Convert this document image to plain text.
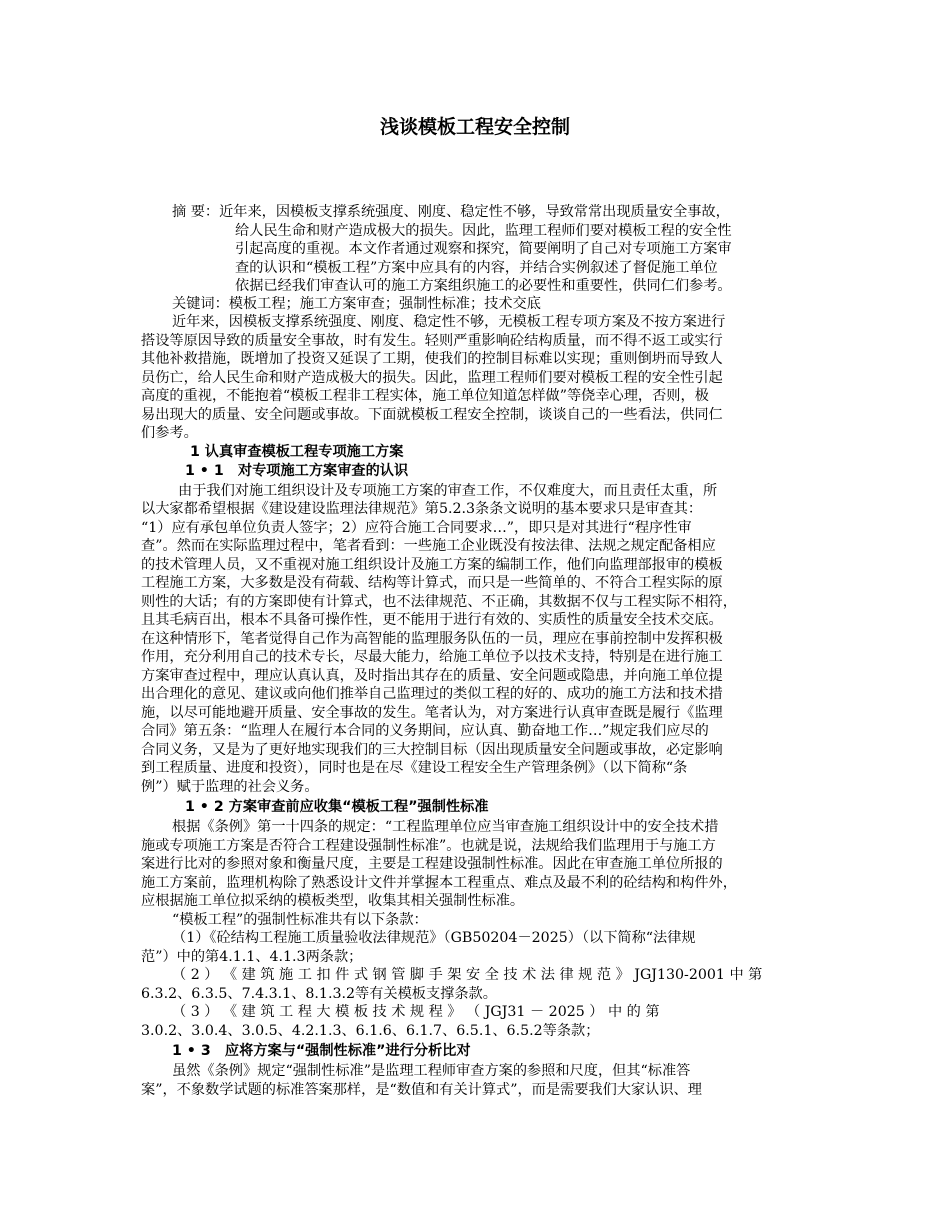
浅谈模板工程安全控制
摘 要：近年来，因模板支撑系统强度、刚度、稳定性不够，导致常常出现质量安全事故，
给人民生命和财产造成极大的损失。因此，监理工程师们要对模板工程的安全性
引起高度的重视。本文作者通过观察和探究，简要阐明了自己对专项施工方案审
查的认识和“模板工程”方案中应具有的内容，并结合实例叙述了督促施工单位
依据已经我们审查认可的施工方案组织施工的必要性和重要性，供同仁们参考。
关键词：模板工程；施工方案审查；强制性标准；技术交底
近年来，因模板支撑系统强度、刚度、稳定性不够，无模板工程专项方案及不按方案进行
搭设等原因导致的质量安全事故，时有发生。轻则严重影响砼结构质量，而不得不返工或实行
其他补救措施，既增加了投资又延误了工期，使我们的控制目标难以实现；重则倒坍而导致人
员伤亡，给人民生命和财产造成极大的损失。因此，监理工程师们要对模板工程的安全性引起
高度的重视，不能抱着“模板工程非工程实体，施工单位知道怎样做”等侥幸心理，否则，极
易出现大的质量、安全问题或事故。下面就模板工程安全控制，谈谈自己的一些看法，供同仁
们参考。
1 认真审查模板工程专项施工方案
1 • 1　对专项施工方案审查的认识
由于我们对施工组织设计及专项施工方案的审查工作，不仅难度大，而且责任太重，所
以大家都希望根据《建设建设监理法律规范》第5.2.3条条文说明的基本要求只是审查其：
“1）应有承包单位负责人签字；2）应符合施工合同要求…”，即只是对其进行“程序性审
查”。然而在实际监理过程中，笔者看到：一些施工企业既没有按法律、法规之规定配备相应
的技术管理人员，又不重视对施工组织设计及施工方案的编制工作，他们向监理部报审的模板
工程施工方案，大多数是没有荷载、结构等计算式，而只是一些简单的、不符合工程实际的原
则性的大话；有的方案即使有计算式，也不法律规范、不正确，其数据不仅与工程实际不相符，
且其毛病百出，根本不具备可操作性，更不能用于进行有效的、实质性的质量安全技术交底。
在这种情形下，笔者觉得自己作为高智能的监理服务队伍的一员，理应在事前控制中发挥积极
作用，充分利用自己的技术专长，尽最大能力，给施工单位予以技术支持，特别是在进行施工
方案审查过程中，理应认真认真，及时指出其存在的质量、安全问题或隐患，并向施工单位提
出合理化的意见、建议或向他们推举自己监理过的类似工程的好的、成功的施工方法和技术措
施，以尽可能地避开质量、安全事故的发生。笔者认为，对方案进行认真审查既是履行《监理
合同》第五条：“监理人在履行本合同的义务期间，应认真、勤奋地工作…”规定我们应尽的
合同义务，又是为了更好地实现我们的三大控制目标（因出现质量安全问题或事故，必定影响
到工程质量、进度和投资），同时也是在尽《建设工程安全生产管理条例》（以下简称“条
例”）赋于监理的社会义务。
1 • 2 方案审查前应收集“模板工程”强制性标准
根据《条例》第一十四条的规定：“工程监理单位应当审查施工组织设计中的安全技术措
施或专项施工方案是否符合工程建设强制性标准”。也就是说，法规给我们监理用于与施工方
案进行比对的参照对象和衡量尺度，主要是工程建设强制性标准。因此在审查施工单位所报的
施工方案前，监理机构除了熟悉设计文件并掌握本工程重点、难点及最不利的砼结构和构件外，
应根据施工单位拟采纳的模板类型，收集其相关强制性标准。
“模板工程”的强制性标准共有以下条款：
（1）《砼结构工程施工质量验收法律规范》（GB50204－2025）（以下简称“法律规
范”）中的第4.1.1、4.1.3两条款；
（ 2 ） 《 建 筑 施 工 扣 件 式 钢 管 脚 手 架 安 全 技 术 法 律 规 范 》 JGJ130-2001 中 第
6.3.2、6.3.5、7.4.3.1、8.1.3.2等有关模板支撑条款。
（ 3 ） 《 建 筑 工 程 大 模 板 技 术 规 程 》 （ JGJ31 － 2025 ） 中 的 第
3.0.2、3.0.4、3.0.5、4.2.1.3、6.1.6、6.1.7、6.5.1、6.5.2等条款；
1 • 3　应将方案与“强制性标准”进行分析比对
虽然《条例》规定“强制性标准”是监理工程师审查方案的参照和尺度，但其“标准答
案”，不象数学试题的标准答案那样，是“数值和有关计算式”，而是需要我们大家认识、理
